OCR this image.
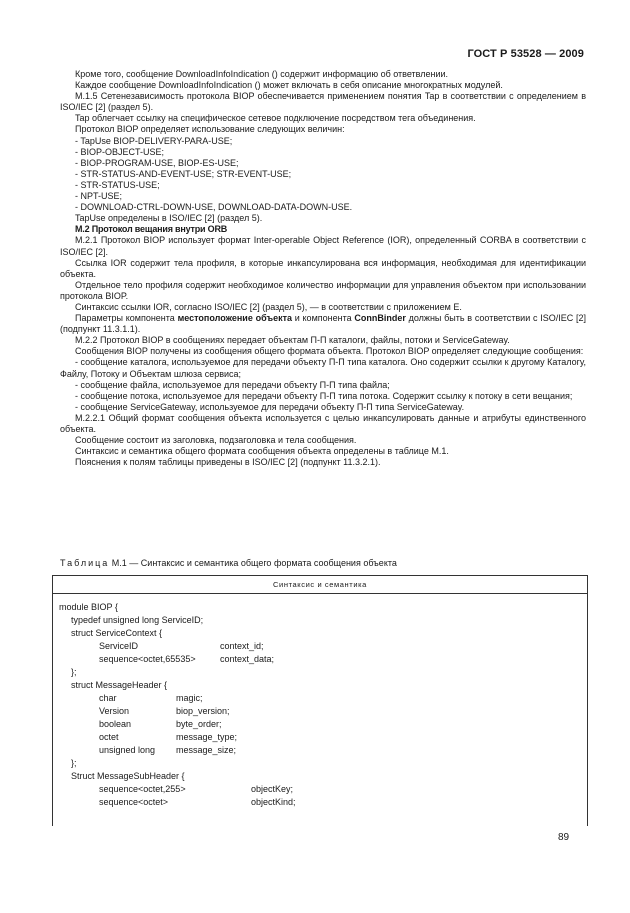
ГОСТ Р 53528 — 2009

Кроме того, сообщение DownloadInfoIndication () содержит информацию об ответвлении.

Каждое сообщение DownloadInfoIndication () может включать в себя описание многократных модулей.

М.1.5 Сетенезависимость протокола BIOP обеспечивается применением понятия Tap в соответствии с определением в ISO/IEC [2] (раздел 5).

Tap облегчает ссылку на специфическое сетевое подключение посредством тега объединения.

Протокол BIOP определяет использование следующих величин:

- TapUse BIOP-DELIVERY-PARA-USE;

- BIOP-OBJECT-USE;

- BIOP-PROGRAM-USE, BIOP-ES-USE;

- STR-STATUS-AND-EVENT-USE; STR-EVENT-USE;

- STR-STATUS-USE;

- NPT-USE;

- DOWNLOAD-CTRL-DOWN-USE, DOWNLOAD-DATA-DOWN-USE.

TapUse определены в ISO/IEC [2] (раздел 5).

М.2 Протокол вещания внутри ORB

М.2.1 Протокол BIOP использует формат Inter-operable Object Reference (IOR), определенный CORBA в соответствии с ISO/IEC [2].

Ссылка IOR содержит тела профиля, в которые инкапсулирована вся информация, необходимая для идентификации объекта.

Отдельное тело профиля содержит необходимое количество информации для управления объектом при использовании протокола BIOP.

Синтаксис ссылки IOR, согласно ISO/IEC [2] (раздел 5), — в соответствии с приложением Е.

Параметры компонента местоположение объекта и компонента ConnBinder должны быть в соответствии с ISO/IEC [2] (подпункт 11.3.1.1).

М.2.2 Протокол BIOP в сообщениях передает объектам П-П каталоги, файлы, потоки и ServiceGateway.

Сообщения BIOP получены из сообщения общего формата объекта. Протокол BIOP определяет следующие сообщения:

- сообщение каталога, используемое для передачи объекту П-П типа каталога. Оно содержит ссылки к другому Каталогу, Файлу, Потоку и Объектам шлюза сервиса;

- сообщение файла, используемое для передачи объекту П-П типа файла;

- сообщение потока, используемое для передачи объекту П-П типа потока. Содержит ссылку к потоку в сети вещания;

- сообщение ServiceGateway, используемое для передачи объекту П-П типа ServiceGateway.

М.2.2.1 Общий формат сообщения объекта используется с целью инкапсулировать данные и атрибуты единственного объекта.

Сообщение состоит из заголовка, подзаголовка и тела сообщения.

Синтаксис и семантика общего формата сообщения объекта определены в таблице М.1.

Пояснения к полям таблицы приведены в ISO/IEC [2] (подпункт 11.3.2.1).

Таблица М.1 — Синтаксис и семантика общего формата сообщения объекта
Синтаксис и семантика
module BIOP {
typedef unsigned long ServiceID;
struct ServiceContext {
ServiceID	context_id;
sequence<octet,65535>	context_data;
};
struct MessageHeader {
char	magic;
Version	biop_version;
boolean	byte_order;
octet	message_type;
unsigned long	message_size;
};
Struct MessageSubHeader {
sequence<octet,255>	objectKey;
sequence<octet>	objectKind;
89
